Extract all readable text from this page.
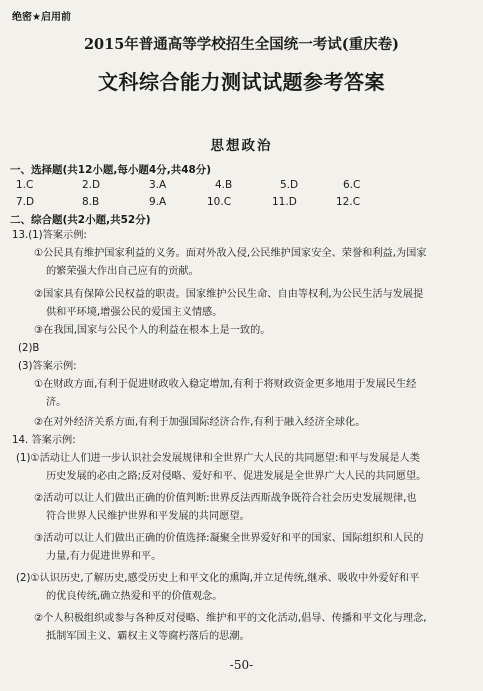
绝密★启用前
2015年普通高等学校招生全国统一考试(重庆卷)
文科综合能力测试试题参考答案
思想政治
一、选择题(共12小题,每小题4分,共48分)
1.C	2.D	3.A	4.B	5.D	6.C
7.D	8.B	9.A	10.C	11.D	12.C
二、综合题(共2小题,共52分)
13.(1)答案示例:
①公民具有维护国家利益的义务。面对外敌入侵,公民维护国家安全、荣誉和利益,为国家
的繁荣强大作出自己应有的贡献。
②国家具有保障公民权益的职责。国家维护公民生命、自由等权利,为公民生活与发展提
供和平环境,增强公民的爱国主义情感。
③在我国,国家与公民个人的利益在根本上是一致的。
(2)B
(3)答案示例:
①在财政方面,有利于促进财政收入稳定增加,有利于将财政资金更多地用于发展民生经
济。
②在对外经济关系方面,有利于加强国际经济合作,有利于融入经济全球化。
14. 答案示例:
(1)①活动让人们进一步认识社会发展规律和全世界广大人民的共同愿望:和平与发展是人类
历史发展的必由之路;反对侵略、爱好和平、促进发展是全世界广大人民的共同愿望。
②活动可以让人们做出正确的价值判断:世界反法西斯战争既符合社会历史发展规律,也
符合世界人民维护世界和平发展的共同愿望。
③活动可以让人们做出正确的价值选择:凝聚全世界爱好和平的国家、国际组织和人民的
力量,有力促进世界和平。
(2)①认识历史,了解历史,感受历史上和平文化的熏陶,并立足传统,继承、吸收中外爱好和平
的优良传统,确立热爱和平的价值观念。
②个人积极组织或参与各种反对侵略、维护和平的文化活动,倡导、传播和平文化与理念,
抵制军国主义、霸权主义等腐朽落后的思潮。
-50-
